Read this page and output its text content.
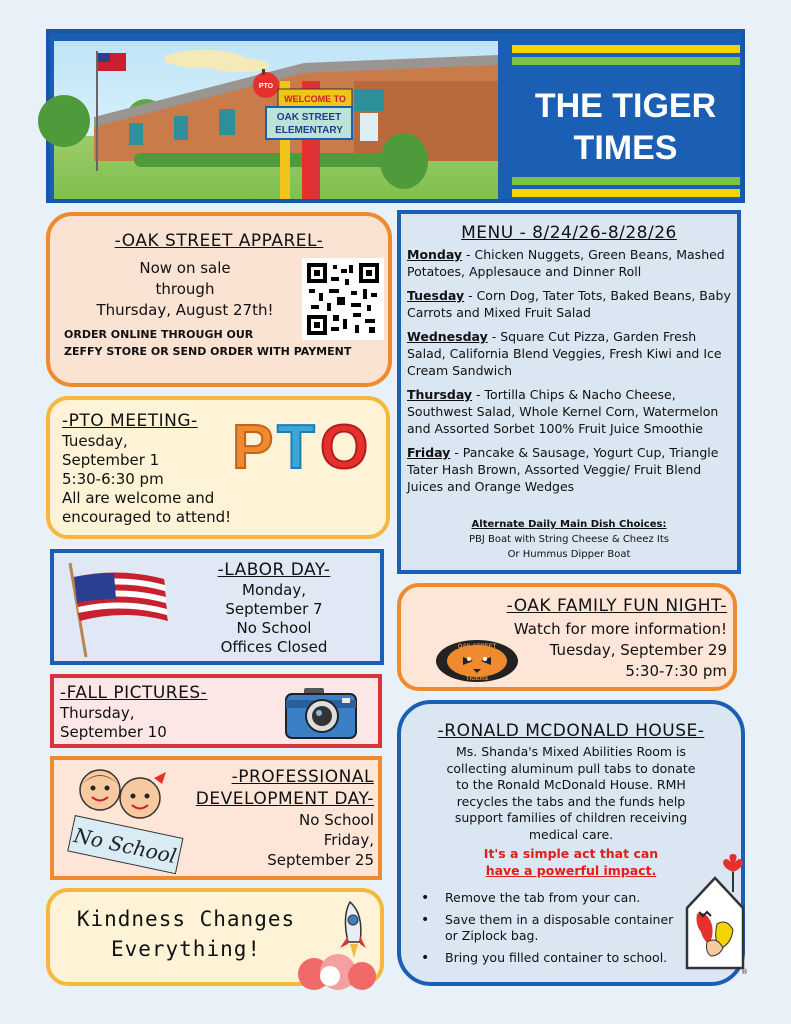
PTO
WELCOME TO
OAK STREET
ELEMENTARY
THE TIGER
TIMES
-OAK STREET APPAREL-
Now on sale
through
Thursday, August 27th!
ORDER ONLINE THROUGH OUR
ZEFFY STORE OR SEND ORDER WITH PAYMENT
-PTO MEETING-
Tuesday,
September 1
5:30-6:30 pm
All are welcome and
encouraged to attend!
P T O
-LABOR DAY-
Monday,
September 7
No School
Offices Closed
-FALL PICTURES-
Thursday,
September 10
No School
-PROFESSIONAL
DEVELOPMENT DAY-
No School
Friday,
September 25
Kindness Changes
Everything!
MENU - 8/24/26-8/28/26
Monday - Chicken Nuggets, Green Beans, Mashed Potatoes, Applesauce and Dinner Roll
Tuesday - Corn Dog, Tater Tots, Baked Beans, Baby Carrots and Mixed Fruit Salad
Wednesday - Square Cut Pizza, Garden Fresh Salad, California Blend Veggies, Fresh Kiwi and Ice Cream Sandwich
Thursday - Tortilla Chips & Nacho Cheese, Southwest Salad, Whole Kernel Corn, Watermelon and Assorted Sorbet 100% Fruit Juice Smoothie
Friday - Pancake & Sausage, Yogurt Cup, Triangle Tater Hash Brown, Assorted Veggie/ Fruit Blend Juices and Orange Wedges
Alternate Daily Main Dish Choices:
PBJ Boat with String Cheese & Cheez Its
Or Hummus Dipper Boat
-OAK FAMILY FUN NIGHT-
Watch for more information!
Tuesday, September 29
5:30-7:30 pm
OAK STREET
TIGERS
-RONALD MCDONALD HOUSE-
Ms. Shanda's Mixed Abilities Room is
collecting aluminum pull tabs to donate
to the Ronald McDonald House. RMH
recycles the tabs and the funds help
support families of children receiving
medical care.
It's a simple act that can
have a powerful impact.
• Remove the tab from your can.
• Save them in a disposable container or Ziplock bag.
• Bring you filled container to school.
®
